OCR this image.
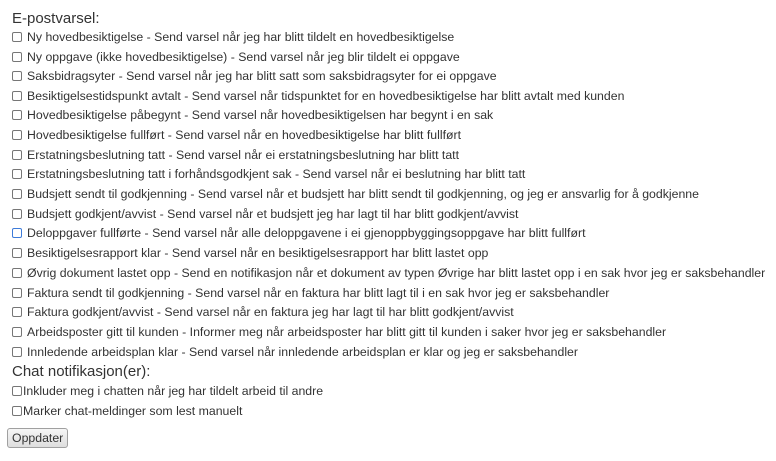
E-postvarsel:
Ny hovedbesiktigelse - Send varsel når jeg har blitt tildelt en hovedbesiktigelse
Ny oppgave (ikke hovedbesiktigelse) - Send varsel når jeg blir tildelt ei oppgave
Saksbidragsyter - Send varsel når jeg har blitt satt som saksbidragsyter for ei oppgave
Besiktigelsestidspunkt avtalt - Send varsel når tidspunktet for en hovedbesiktigelse har blitt avtalt med kunden
Hovedbesiktigelse påbegynt - Send varsel når hovedbesiktigelsen har begynt i en sak
Hovedbesiktigelse fullført - Send varsel når en hovedbesiktigelse har blitt fullført
Erstatningsbeslutning tatt - Send varsel når ei erstatningsbeslutning har blitt tatt
Erstatningsbeslutning tatt i forhåndsgodkjent sak - Send varsel når ei beslutning har blitt tatt
Budsjett sendt til godkjenning - Send varsel når et budsjett har blitt sendt til godkjenning, og jeg er ansvarlig for å godkjenne
Budsjett godkjent/avvist - Send varsel når et budsjett jeg har lagt til har blitt godkjent/avvist
Deloppgaver fullførte - Send varsel når alle deloppgavene i ei gjenoppbyggingsoppgave har blitt fullført
Besiktigelsesrapport klar - Send varsel når en besiktigelsesrapport har blitt lastet opp
Øvrig dokument lastet opp - Send en notifikasjon når et dokument av typen Øvrige har blitt lastet opp i en sak hvor jeg er saksbehandler
Faktura sendt til godkjenning - Send varsel når en faktura har blitt lagt til i en sak hvor jeg er saksbehandler
Faktura godkjent/avvist - Send varsel når en faktura jeg har lagt til har blitt godkjent/avvist
Arbeidsposter gitt til kunden - Informer meg når arbeidsposter har blitt gitt til kunden i saker hvor jeg er saksbehandler
Innledende arbeidsplan klar - Send varsel når innledende arbeidsplan er klar og jeg er saksbehandler
Chat notifikasjon(er):
Inkluder meg i chatten når jeg har tildelt arbeid til andre
Marker chat-meldinger som lest manuelt
Oppdater
